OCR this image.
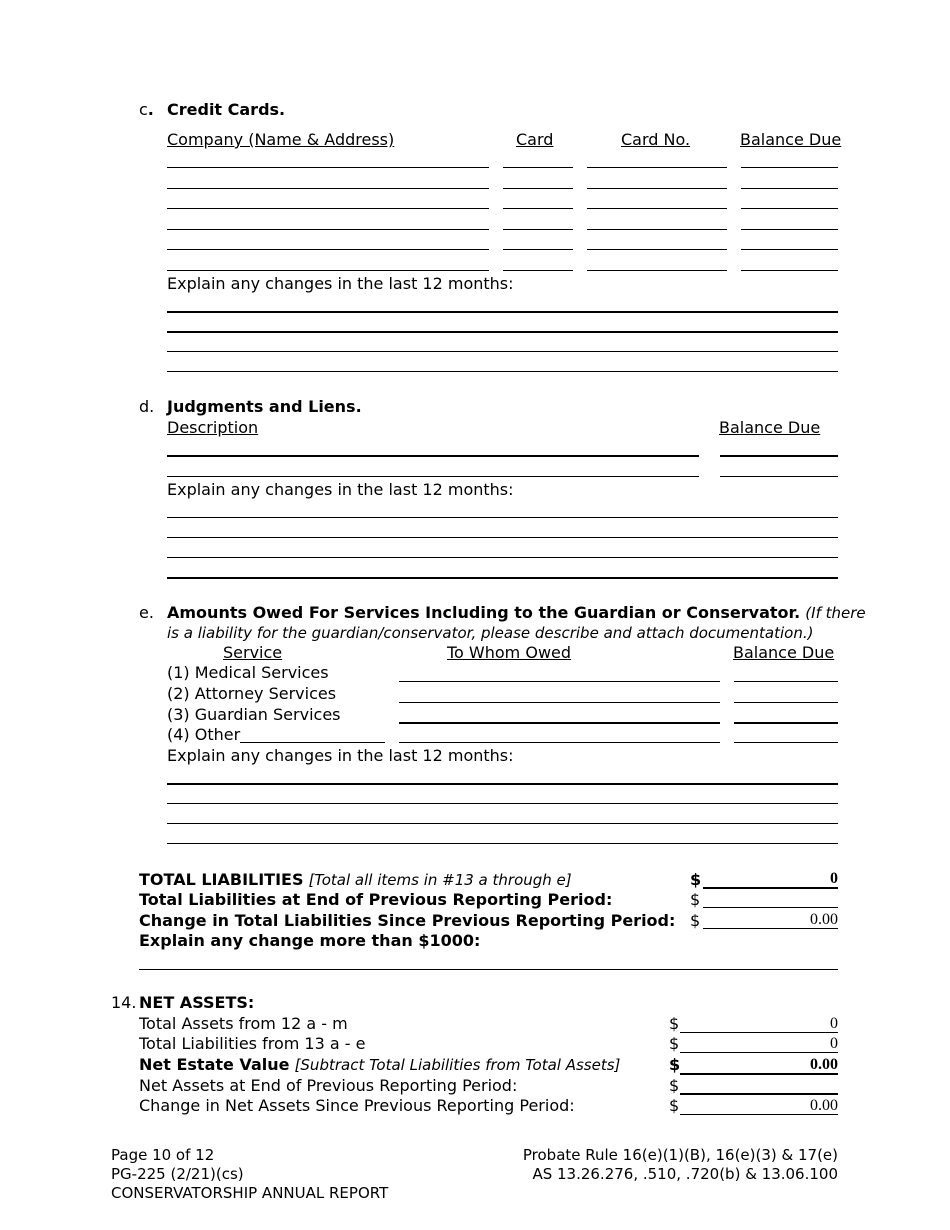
c. Credit Cards.
Company (Name & Address)	Card	Card No.	Balance Due
Explain any changes in the last 12 months:
d. Judgments and Liens.
Description	Balance Due
Explain any changes in the last 12 months:
e. Amounts Owed For Services Including to the Guardian or Conservator. (If there
is a liability for the guardian/conservator, please describe and attach documentation.)
Service	To Whom Owed	Balance Due
(1) Medical Services
(2) Attorney Services
(3) Guardian Services
(4) Other
Explain any changes in the last 12 months:
TOTAL LIABILITIES [Total all items in #13 a through e]	$	0
Total Liabilities at End of Previous Reporting Period:	$
Change in Total Liabilities Since Previous Reporting Period: $	0.00
Explain any change more than $1000:
14. NET ASSETS:
Total Assets from 12 a - m	$	0
Total Liabilities from 13 a - e	$	0
Net Estate Value [Subtract Total Liabilities from Total Assets]	$	0.00
Net Assets at End of Previous Reporting Period:	$
Change in Net Assets Since Previous Reporting Period:	$	0.00
Page 10 of 12
PG-225 (2/21)(cs)
CONSERVATORSHIP ANNUAL REPORT
Probate Rule 16(e)(1)(B), 16(e)(3) & 17(e)
AS 13.26.276, .510, .720(b) & 13.06.100
